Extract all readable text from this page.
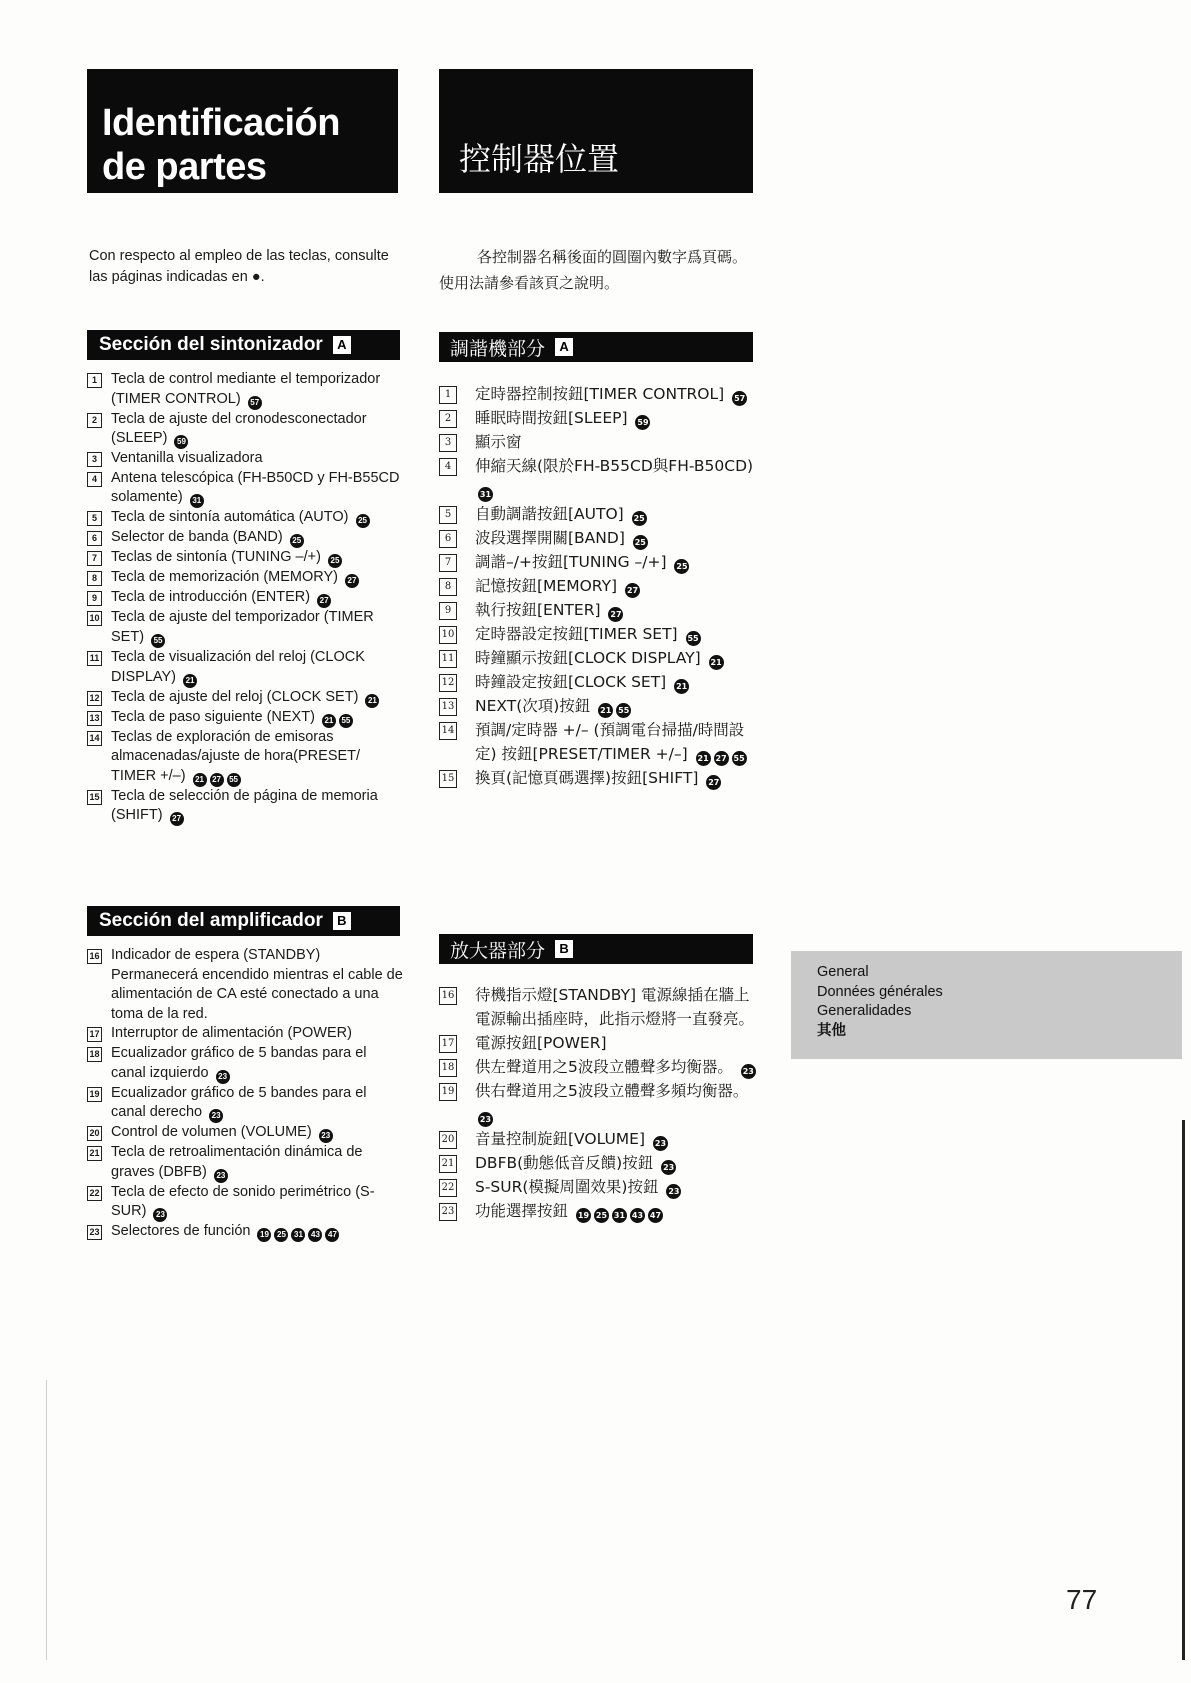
Identificación
de partes	控制器位置
Con respecto al empleo de las teclas, consulte las páginas indicadas en ●.
各控制器名稱後面的圓圈內數字爲頁碼。使用法請參看該頁之說明。
Sección del sintonizador	A	調諧機部分	A
Sección del amplificador	B
放大器部分	B
1 Tecla de control mediante el temporizador (TIMER CONTROL) 57
2 Tecla de ajuste del cronodesconectador (SLEEP) 59
3 Ventanilla visualizadora
4 Antena telescópica (FH-B50CD y FH-B55CD solamente) 31
5 Tecla de sintonía automática (AUTO) 25
6 Selector de banda (BAND) 25
7 Teclas de sintonía (TUNING –/+) 25
8 Tecla de memorización (MEMORY) 27
9 Tecla de introducción (ENTER) 27
10 Tecla de ajuste del temporizador (TIMER SET) 55
11 Tecla de visualización del reloj (CLOCK DISPLAY) 21
12 Tecla de ajuste del reloj (CLOCK SET) 21
13 Tecla de paso siguiente (NEXT) 21 55
14 Teclas de exploración de emisoras almacenadas/ajuste de hora(PRESET/ TIMER +/–) 21 27 55
15 Tecla de selección de página de memoria (SHIFT) 27
16 Indicador de espera (STANDBY) Permanecerá encendido mientras el cable de alimentación de CA esté conectado a una toma de la red.
17 Interruptor de alimentación (POWER)
18 Ecualizador gráfico de 5 bandas para el canal izquierdo 23
19 Ecualizador gráfico de 5 bandes para el canal derecho 23
20 Control de volumen (VOLUME) 23
21 Tecla de retroalimentación dinámica de graves (DBFB) 23
22 Tecla de efecto de sonido perimétrico (S-SUR) 23
23 Selectores de función 19 25 31 43 47
1	定時器控制按鈕[TIMER CONTROL] 57
2	睡眠時間按鈕[SLEEP] 59
3	顯示窗
4	伸縮天線(限於FH-B55CD與FH-B50CD) 31
5	自動調諧按鈕[AUTO] 25
6	波段選擇開關[BAND] 25
7	調諧–/+按鈕[TUNING –/+] 25
8	記憶按鈕[MEMORY] 27
9	執行按鈕[ENTER] 27
10 定時器設定按鈕[TIMER SET] 55
11 時鐘顯示按鈕[CLOCK DISPLAY] 21
12 時鐘設定按鈕[CLOCK SET] 21
13 NEXT(次項)按鈕 21 55
14 預調/定時器 +/– (預調電台掃描/時間設定) 按鈕[PRESET/TIMER +/–] 21 27 55
15 換頁(記憶頁碼選擇)按鈕[SHIFT] 27
16 待機指示燈[STANDBY] 電源線插在牆上電源輸出插座時，此指示燈將一直發亮。
17 電源按鈕[POWER]
18 供左聲道用之5波段立體聲多均衡器。 23
19 供右聲道用之5波段立體聲多頻均衡器。 23
20 音量控制旋鈕[VOLUME] 23
21 DBFB(動態低音反饋)按鈕 23
22 S-SUR(模擬周圍效果)按鈕 23
23 功能選擇按鈕 19 25 31 43 47
General
Données générales
Generalidades
其他
77
